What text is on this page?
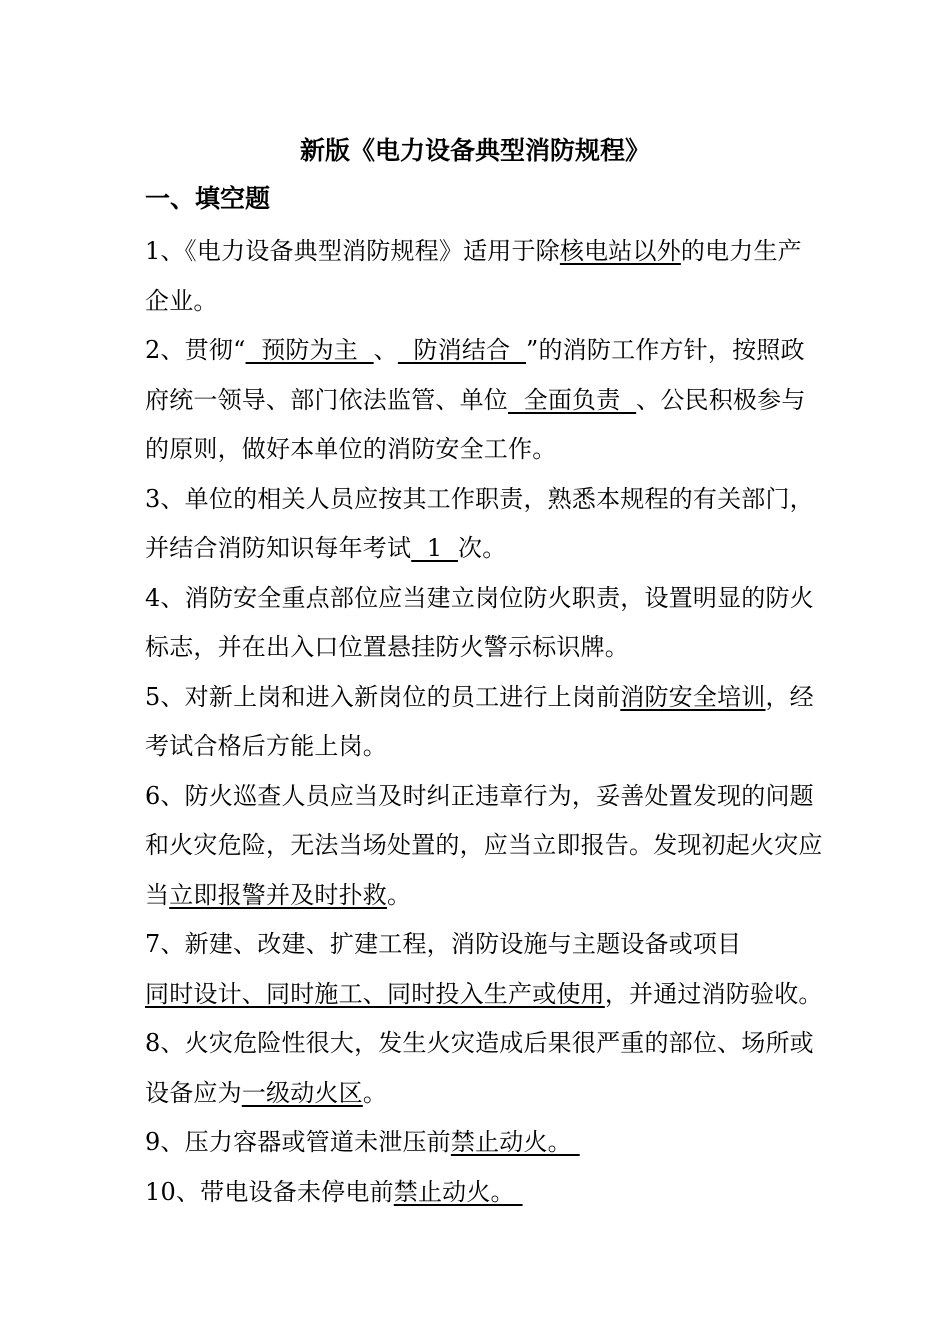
新版《电力设备典型消防规程》
一、填空题

1、《电力设备典型消防规程》适用于除核电站以外的电力生产企业。

2、贯彻“  预防为主  、  防消结合  ”的消防工作方针，按照政府统一领导、部门依法监管、单位  全面负责  、公民积极参与的原则，做好本单位的消防安全工作。

3、单位的相关人员应按其工作职责，熟悉本规程的有关部门，并结合消防知识每年考试  1  次。

4、消防安全重点部位应当建立岗位防火职责，设置明显的防火标志，并在出入口位置悬挂防火警示标识牌。

5、对新上岗和进入新岗位的员工进行上岗前消防安全培训，经考试合格后方能上岗。

6、防火巡查人员应当及时纠正违章行为，妥善处置发现的问题和火灾危险，无法当场处置的，应当立即报告。发现初起火灾应当立即报警并及时扑救。

7、新建、改建、扩建工程，消防设施与主题设备或项目同时设计、同时施工、同时投入生产或使用，并通过消防验收。

8、火灾危险性很大，发生火灾造成后果很严重的部位、场所或设备应为一级动火区。

9、压力容器或管道未泄压前禁止动火。

10、带电设备未停电前禁止动火。
